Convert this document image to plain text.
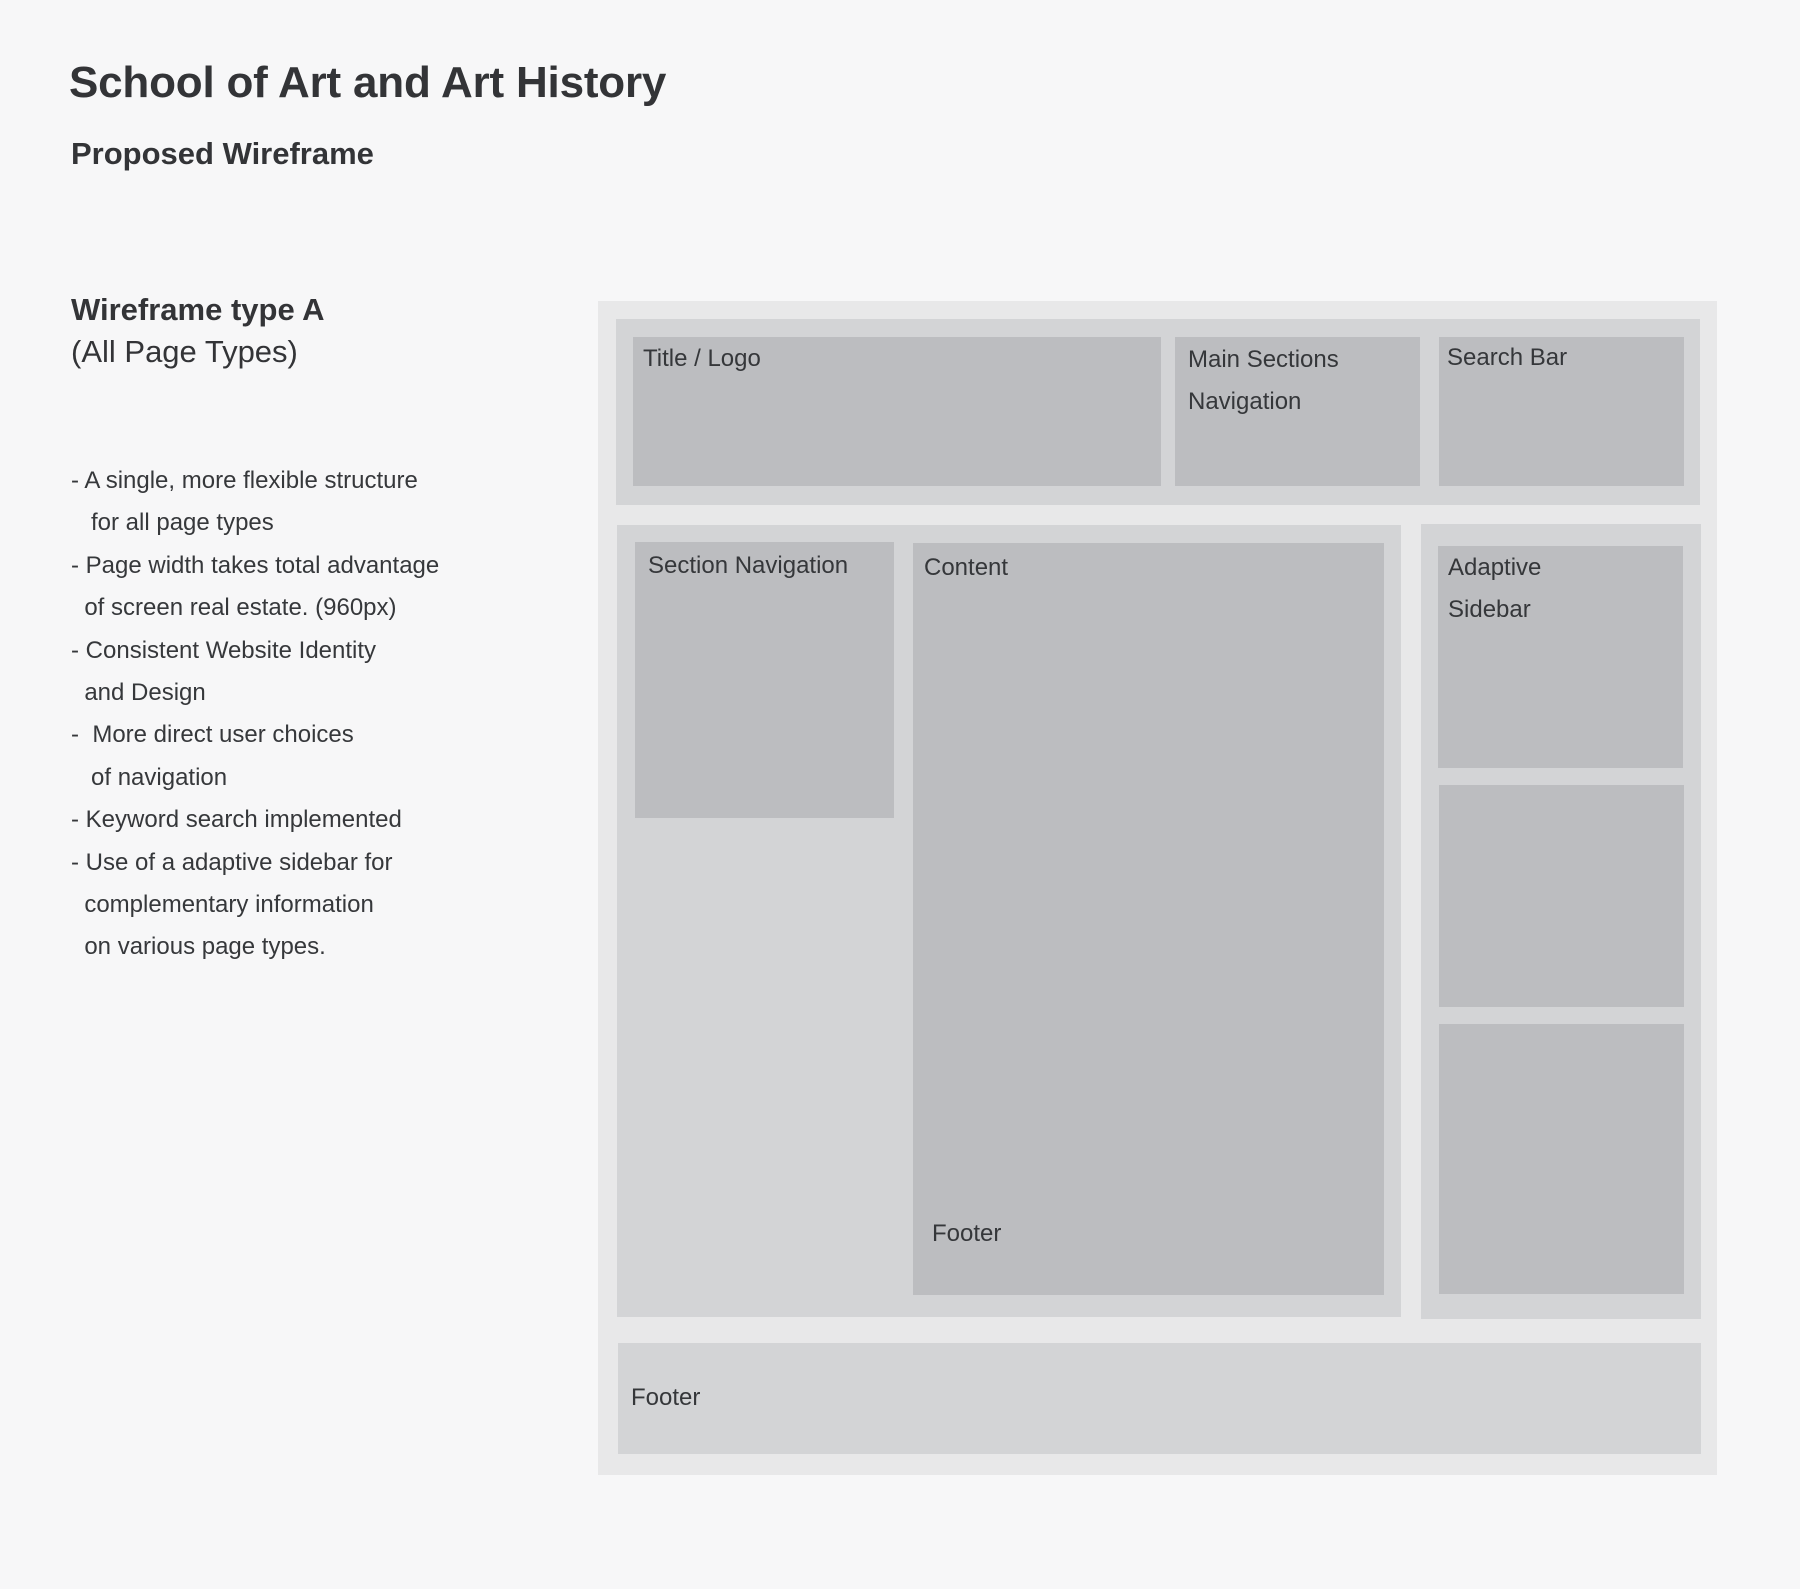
School of Art and Art History
Proposed Wireframe
Wireframe type A

(All Page Types)

- A single, more flexible structure
for all page types
- Page width takes total advantage
of screen real estate. (960px)
- Consistent Website Identity
and Design
-  More direct user choices
of navigation
- Keyword search implemented
- Use of a adaptive sidebar for
complementary information
on various page types.
Title / Logo	Main Sections
Navigation
Search Bar
Section Navigation	Content
Footer
Adaptive
Sidebar
Footer
